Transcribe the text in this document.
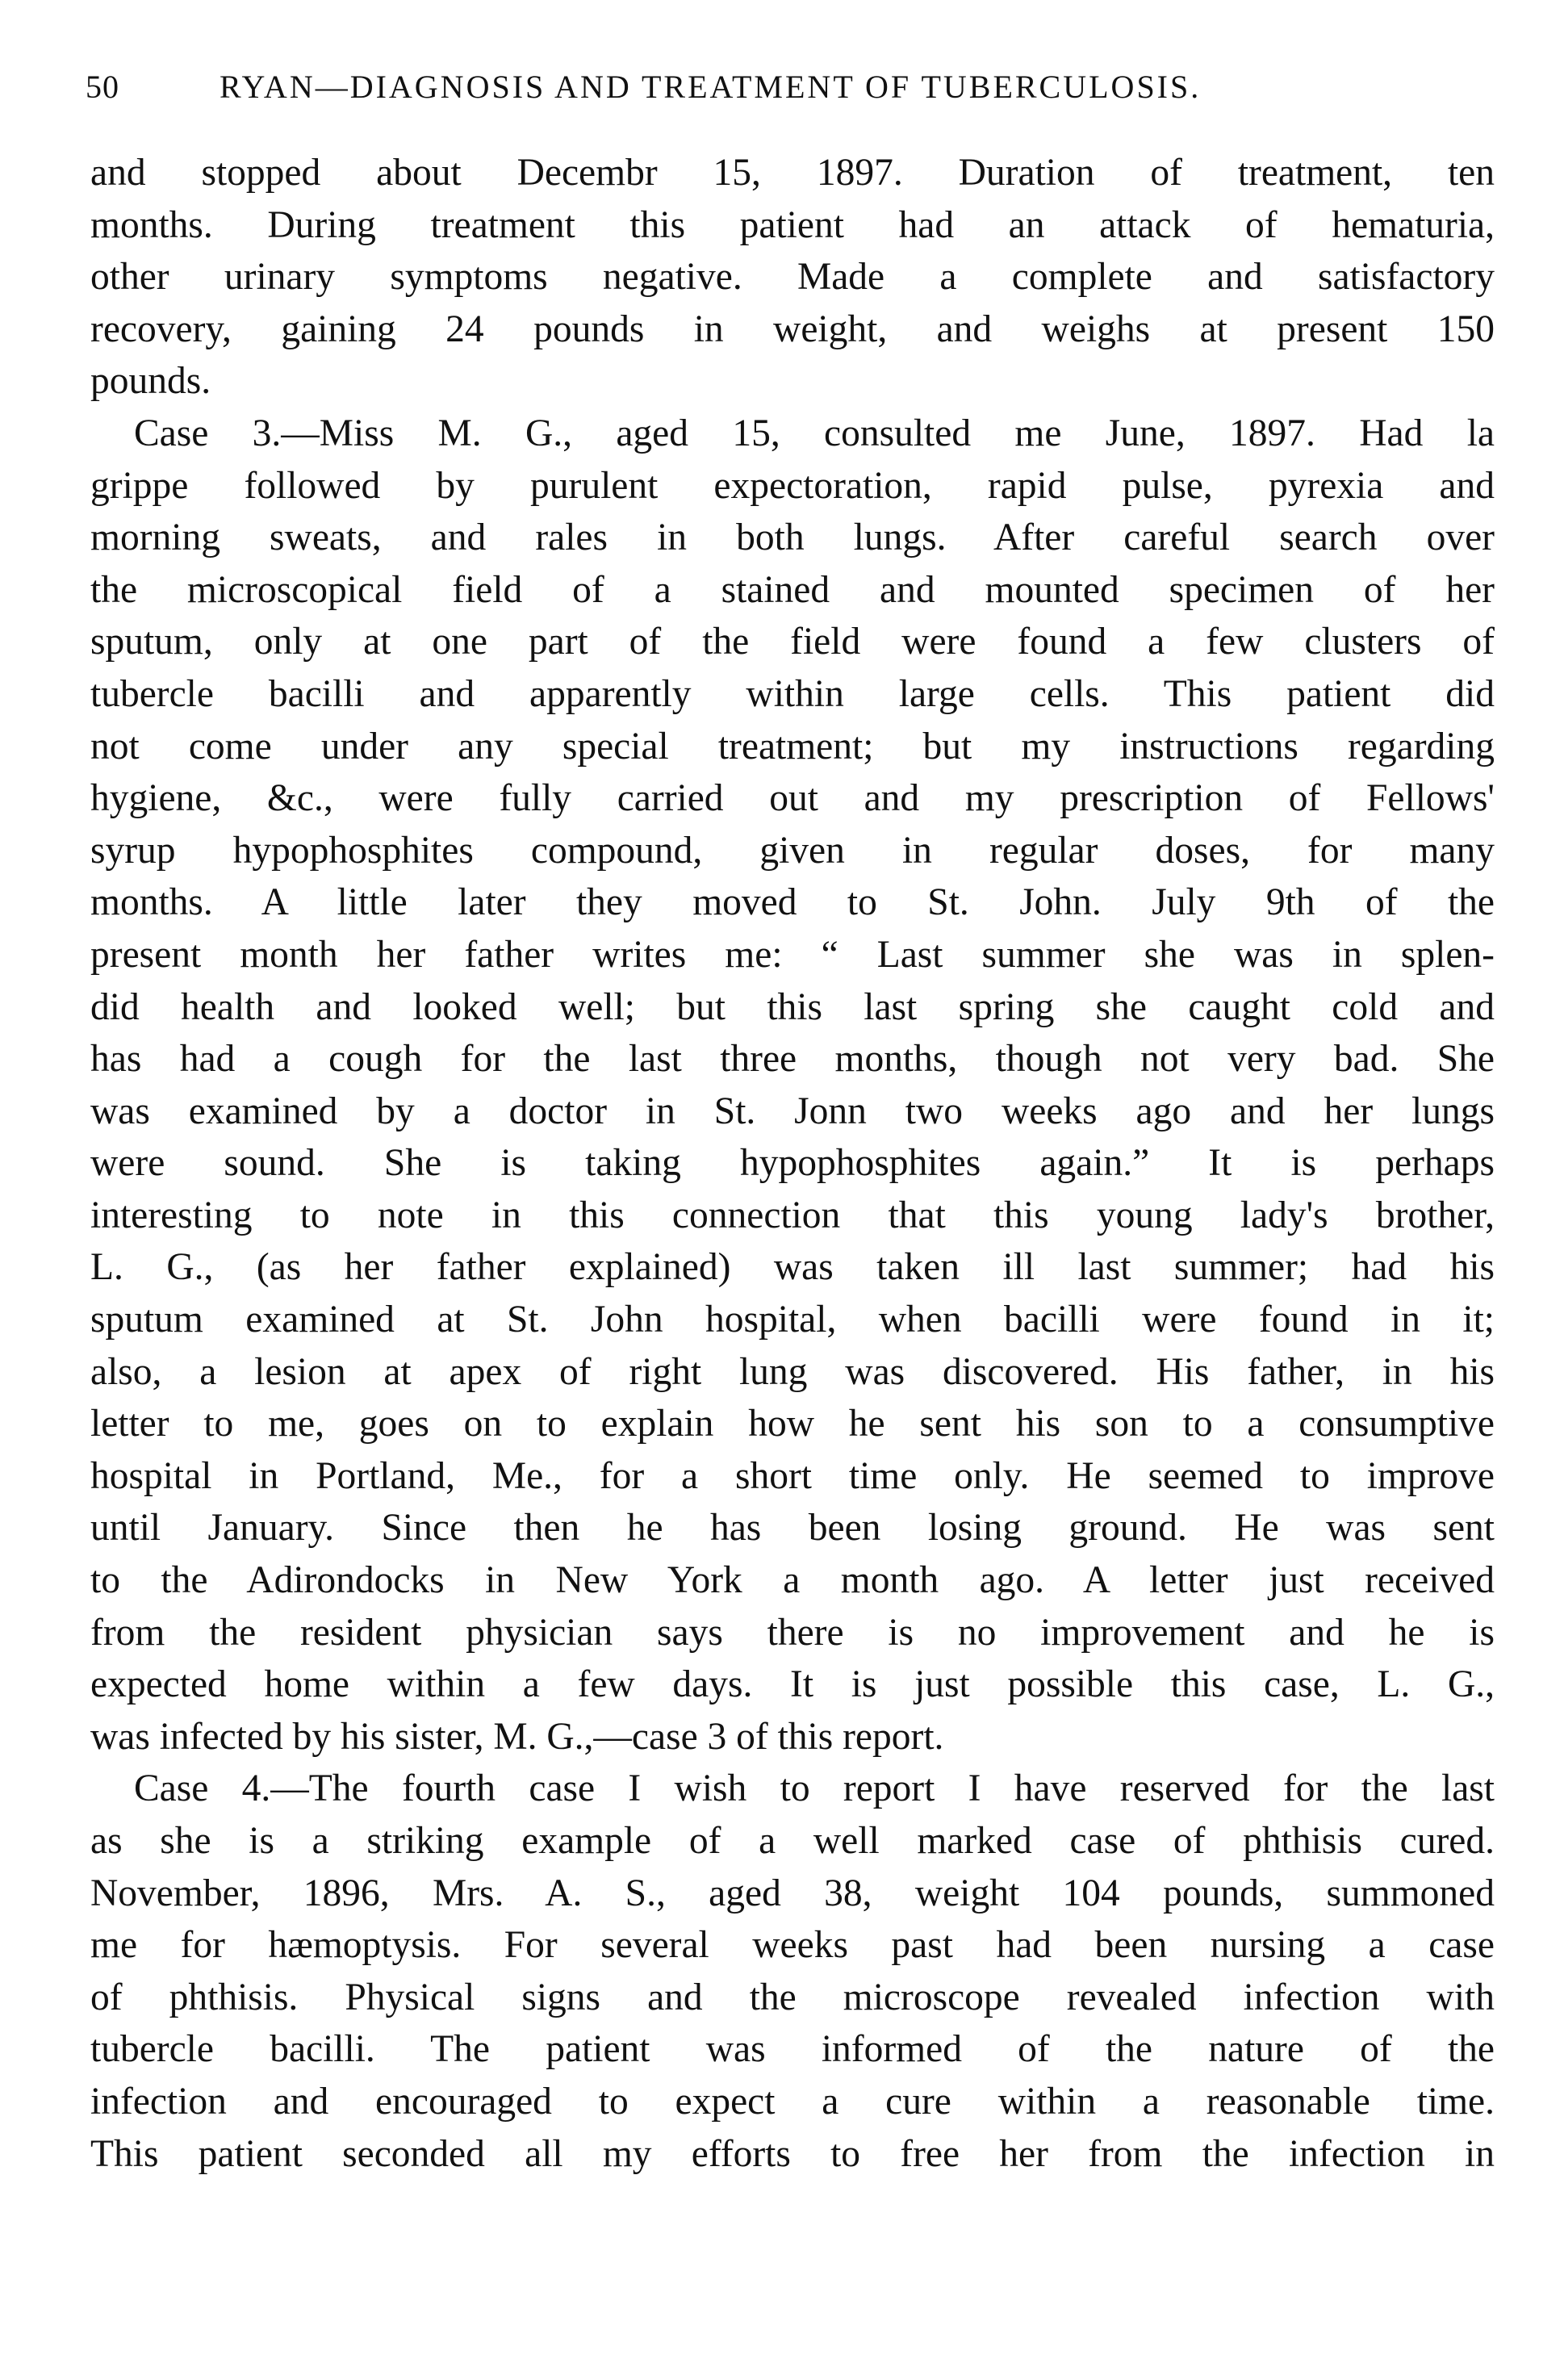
50	RYAN—DIAGNOSIS AND TREATMENT OF TUBERCULOSIS.
and stopped about Decembr 15, 1897. Duration of treatment, ten
months. During treatment this patient had an attack of hematuria,
other urinary symptoms negative. Made a complete and satisfactory
recovery, gaining 24 pounds in weight, and weighs at present 150
pounds.
Case 3.—Miss M. G., aged 15, consulted me June, 1897. Had la
grippe followed by purulent expectoration, rapid pulse, pyrexia and
morning sweats, and rales in both lungs. After careful search over
the microscopical field of a stained and mounted specimen of her
sputum, only at one part of the field were found a few clusters of
tubercle bacilli and apparently within large cells. This patient did
not come under any special treatment; but my instructions regarding
hygiene, &c., were fully carried out and my prescription of Fellows'
syrup hypophosphites compound, given in regular doses, for many
months. A little later they moved to St. John. July 9th of the
present month her father writes me: “ Last summer she was in splen-
did health and looked well; but this last spring she caught cold and
has had a cough for the last three months, though not very bad. She
was examined by a doctor in St. Jonn two weeks ago and her lungs
were sound. She is taking hypophosphites again.” It is perhaps
interesting to note in this connection that this young lady's brother,
L. G., (as her father explained) was taken ill last summer; had his
sputum examined at St. John hospital, when bacilli were found in it;
also, a lesion at apex of right lung was discovered. His father, in his
letter to me, goes on to explain how he sent his son to a consumptive
hospital in Portland, Me., for a short time only. He seemed to improve
until January. Since then he has been losing ground. He was sent
to the Adirondocks in New York a month ago. A letter just received
from the resident physician says there is no improvement and he is
expected home within a few days. It is just possible this case, L. G.,
was infected by his sister, M. G.,—case 3 of this report.
Case 4.—The fourth case I wish to report I have reserved for the last
as she is a striking example of a well marked case of phthisis cured.
November, 1896, Mrs. A. S., aged 38, weight 104 pounds, summoned
me for hæmoptysis. For several weeks past had been nursing a case
of phthisis. Physical signs and the microscope revealed infection with
tubercle bacilli. The patient was informed of the nature of the
infection and encouraged to expect a cure within a reasonable time.
This patient seconded all my efforts to free her from the infection in
